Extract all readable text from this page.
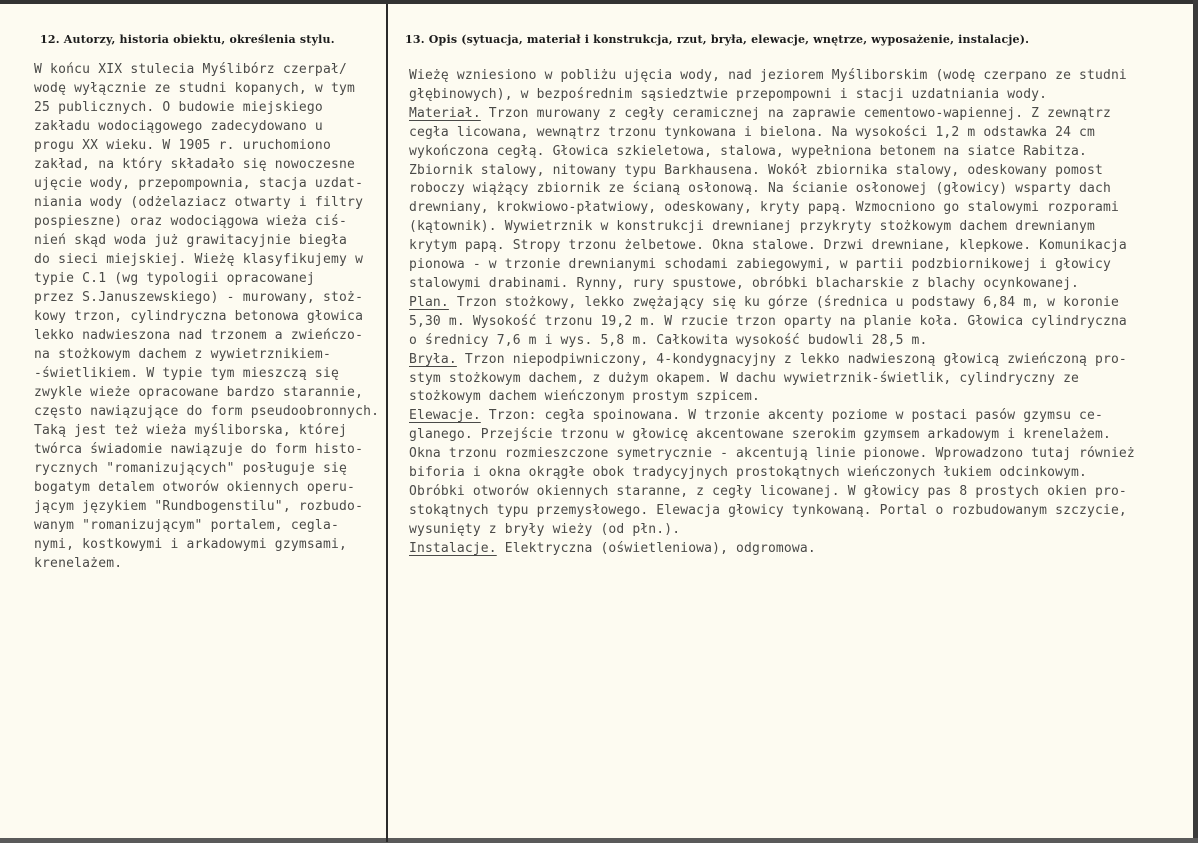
12. Autorzy, historia obiektu, określenia stylu.	13. Opis (sytuacja, materiał i konstrukcja, rzut, bryła, elewacje, wnętrze, wyposażenie, instalacje).
W końcu XIX stulecia Myślibórz czerpał/
wodę wyłącznie ze studni kopanych, w tym
25 publicznych. O budowie miejskiego
zakładu wodociągowego zadecydowano u
progu XX wieku. W 1905 r. uruchomiono
zakład, na który składało się nowoczesne
ujęcie wody, przepompownia, stacja uzdat-
niania wody (odżelaziacz otwarty i filtry
pospieszne) oraz wodociągowa wieża ciś-
nień skąd woda już grawitacyjnie biegła
do sieci miejskiej. Wieżę klasyfikujemy w
typie C.1 (wg typologii opracowanej
przez S.Januszewskiego) - murowany, stoż-
kowy trzon, cylindryczna betonowa głowica
lekko nadwieszona nad trzonem a zwieńczo-
na stożkowym dachem z wywietrznikiem-
-świetlikiem. W typie tym mieszczą się
zwykle wieże opracowane bardzo starannie,
często nawiązujące do form pseudoobronnych.
Taką jest też wieża myśliborska, której
twórca świadomie nawiązuje do form histo-
rycznych "romanizujących" posługuje się
bogatym detalem otworów okiennych operu-
jącym językiem "Rundbogenstilu", rozbudo-
wanym "romanizującym" portalem, cegla-
nymi, kostkowymi i arkadowymi gzymsami,
krenelażem.
Wieżę wzniesiono w pobliżu ujęcia wody, nad jeziorem Myśliborskim (wodę czerpano ze studni
głębinowych), w bezpośrednim sąsiedztwie przepompowni i stacji uzdatniania wody.
Materiał. Trzon murowany z cegły ceramicznej na zaprawie cementowo-wapiennej. Z zewnątrz
cegła licowana, wewnątrz trzonu tynkowana i bielona. Na wysokości 1,2 m odstawka 24 cm
wykończona cegłą. Głowica szkieletowa, stalowa, wypełniona betonem na siatce Rabitza.
Zbiornik stalowy, nitowany typu Barkhausena. Wokół zbiornika stalowy, odeskowany pomost
roboczy wiążący zbiornik ze ścianą osłonową. Na ścianie osłonowej (głowicy) wsparty dach
drewniany, krokwiowo-płatwiowy, odeskowany, kryty papą. Wzmocniono go stalowymi rozporami
(kątownik). Wywietrznik w konstrukcji drewnianej przykryty stożkowym dachem drewnianym
krytym papą. Stropy trzonu żelbetowe. Okna stalowe. Drzwi drewniane, klepkowe. Komunikacja
pionowa - w trzonie drewnianymi schodami zabiegowymi, w partii podzbiornikowej i głowicy
stalowymi drabinami. Rynny, rury spustowe, obróbki blacharskie z blachy ocynkowanej.
Plan. Trzon stożkowy, lekko zwężający się ku górze (średnica u podstawy 6,84 m, w koronie
5,30 m. Wysokość trzonu 19,2 m. W rzucie trzon oparty na planie koła. Głowica cylindryczna
o średnicy 7,6 m i wys. 5,8 m. Całkowita wysokość budowli 28,5 m.
Bryła. Trzon niepodpiwniczony, 4-kondygnacyjny z lekko nadwieszoną głowicą zwieńczoną pro-
stym stożkowym dachem, z dużym okapem. W dachu wywietrznik-świetlik, cylindryczny ze
stożkowym dachem wieńczonym prostym szpicem.
Elewacje. Trzon: cegła spoinowana. W trzonie akcenty poziome w postaci pasów gzymsu ce-
glanego. Przejście trzonu w głowicę akcentowane szerokim gzymsem arkadowym i krenelażem.
Okna trzonu rozmieszczone symetrycznie - akcentują linie pionowe. Wprowadzono tutaj również
biforia i okna okrągłe obok tradycyjnych prostokątnych wieńczonych łukiem odcinkowym.
Obróbki otworów okiennych staranne, z cegły licowanej. W głowicy pas 8 prostych okien pro-
stokątnych typu przemysłowego. Elewacja głowicy tynkowaną. Portal o rozbudowanym szczycie,
wysunięty z bryły wieży (od płn.).
Instalacje. Elektryczna (oświetleniowa), odgromowa.
